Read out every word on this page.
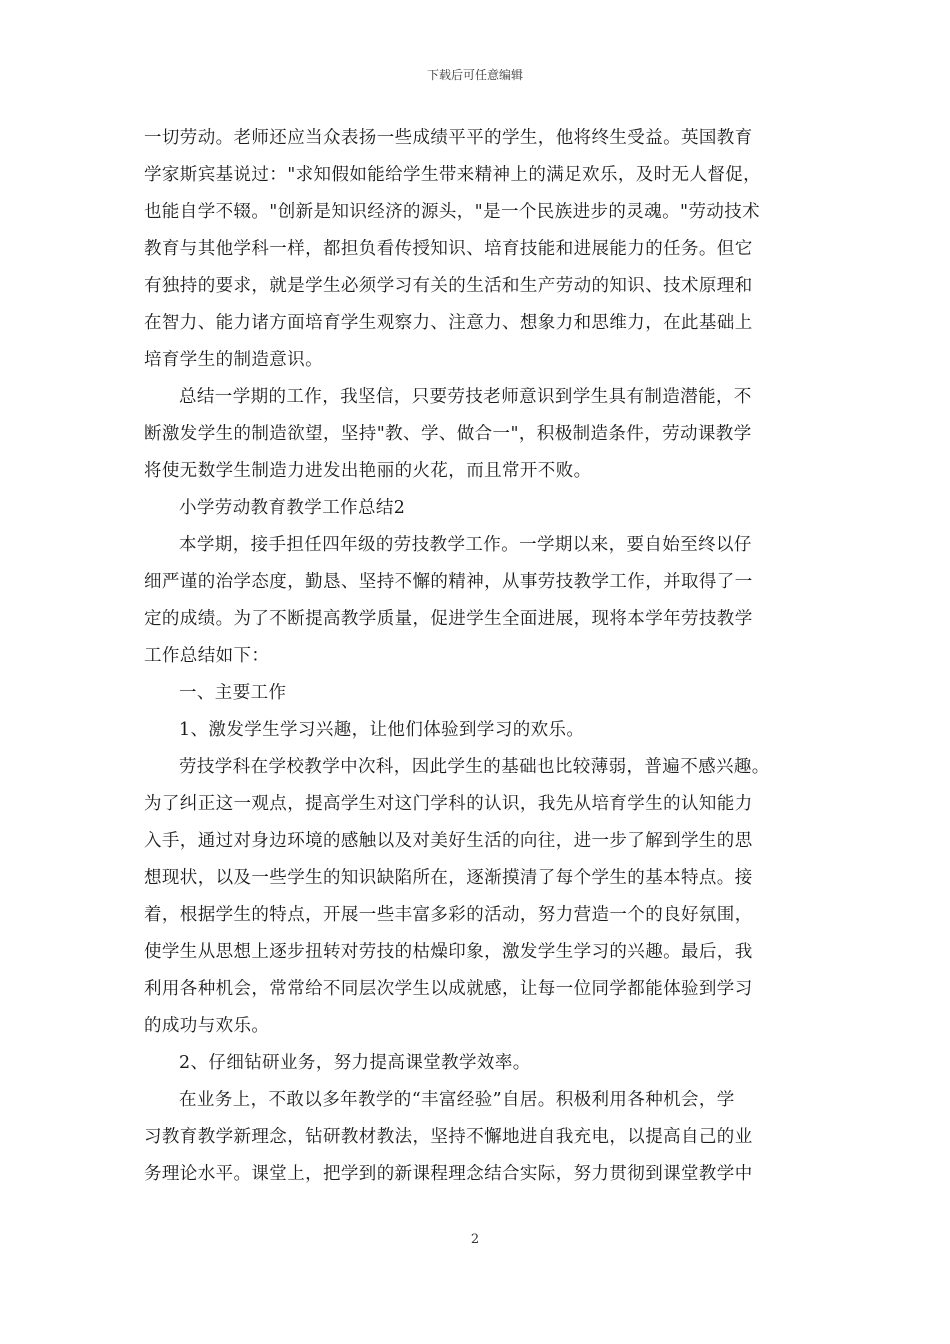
下载后可任意编辑

一切劳动。老师还应当众表扬一些成绩平平的学生，他将终生受益。英国教育
学家斯宾基说过："求知假如能给学生带来精神上的满足欢乐，及时无人督促，
也能自学不辍。"创新是知识经济的源头，"是一个民族进步的灵魂。"劳动技术
教育与其他学科一样，都担负看传授知识、培育技能和进展能力的任务。但它
有独持的要求，就是学生必须学习有关的生活和生产劳动的知识、技术原理和
在智力、能力诸方面培育学生观察力、注意力、想象力和思维力，在此基础上
培育学生的制造意识。

总结一学期的工作，我坚信，只要劳技老师意识到学生具有制造潜能，不
断激发学生的制造欲望，坚持"教、学、做合一"，积极制造条件，劳动课教学
将使无数学生制造力进发出艳丽的火花，而且常开不败。

小学劳动教育教学工作总结2

本学期，接手担任四年级的劳技教学工作。一学期以来，要自始至终以仔
细严谨的治学态度，勤恳、坚持不懈的精神，从事劳技教学工作，并取得了一
定的成绩。为了不断提高教学质量，促进学生全面进展，现将本学年劳技教学
工作总结如下：

一、主要工作

1、激发学生学习兴趣，让他们体验到学习的欢乐。

劳技学科在学校教学中次科，因此学生的基础也比较薄弱，普遍不感兴趣。
为了纠正这一观点，提高学生对这门学科的认识，我先从培育学生的认知能力
入手，通过对身边环境的感触以及对美好生活的向往，进一步了解到学生的思
想现状，以及一些学生的知识缺陷所在，逐渐摸清了每个学生的基本特点。接
着，根据学生的特点，开展一些丰富多彩的活动，努力营造一个的良好氛围，
使学生从思想上逐步扭转对劳技的枯燥印象，激发学生学习的兴趣。最后，我
利用各种机会，常常给不同层次学生以成就感，让每一位同学都能体验到学习
的成功与欢乐。

2、仔细钻研业务，努力提高课堂教学效率。

在业务上，不敢以多年教学的“丰富经验”自居。积极利用各种机会，学
习教育教学新理念，钻研教材教法，坚持不懈地进自我充电，以提高自己的业
务理论水平。课堂上，把学到的新课程理念结合实际，努力贯彻到课堂教学中

2
